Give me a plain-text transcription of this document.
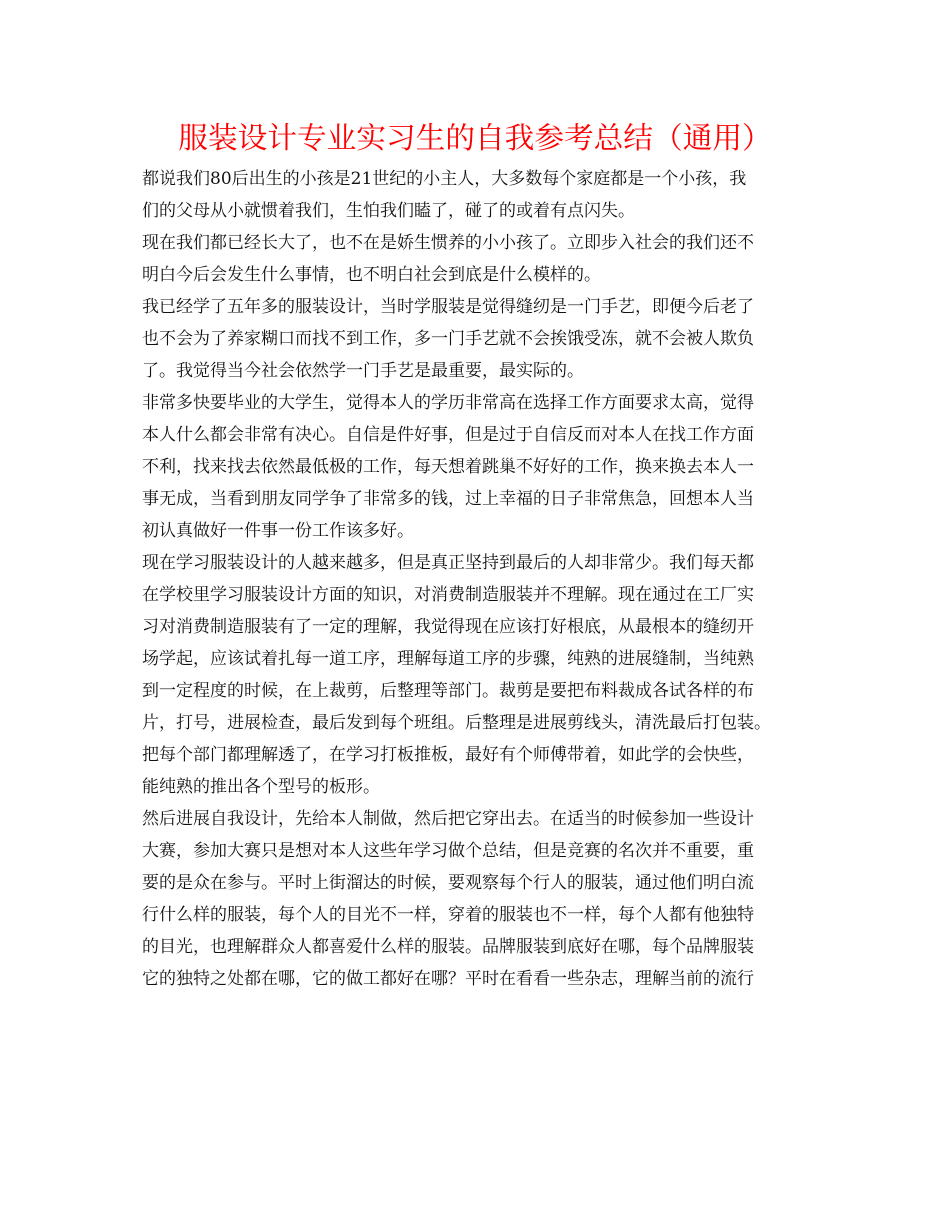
服装设计专业实习生的自我参考总结（通用）
都说我们80后出生的小孩是21世纪的小主人，大多数每个家庭都是一个小孩，我
们的父母从小就惯着我们，生怕我们瞌了，碰了的或着有点闪失。
现在我们都已经长大了，也不在是娇生惯养的小小孩了。立即步入社会的我们还不
明白今后会发生什么事情，也不明白社会到底是什么模样的。
我已经学了五年多的服装设计，当时学服装是觉得缝纫是一门手艺，即便今后老了
也不会为了养家糊口而找不到工作，多一门手艺就不会挨饿受冻，就不会被人欺负
了。我觉得当今社会依然学一门手艺是最重要，最实际的。
非常多快要毕业的大学生，觉得本人的学历非常高在选择工作方面要求太高，觉得
本人什么都会非常有决心。自信是件好事，但是过于自信反而对本人在找工作方面
不利，找来找去依然最低极的工作，每天想着跳巢不好好的工作，换来换去本人一
事无成，当看到朋友同学争了非常多的钱，过上幸福的日子非常焦急，回想本人当
初认真做好一件事一份工作该多好。
现在学习服装设计的人越来越多，但是真正坚持到最后的人却非常少。我们每天都
在学校里学习服装设计方面的知识，对消费制造服装并不理解。现在通过在工厂实
习对消费制造服装有了一定的理解，我觉得现在应该打好根底，从最根本的缝纫开
场学起，应该试着扎每一道工序，理解每道工序的步骤，纯熟的进展缝制，当纯熟
到一定程度的时候，在上裁剪，后整理等部门。裁剪是要把布料裁成各试各样的布
片，打号，进展检查，最后发到每个班组。后整理是进展剪线头，清洗最后打包装。
把每个部门都理解透了，在学习打板推板，最好有个师傅带着，如此学的会快些，
能纯熟的推出各个型号的板形。
然后进展自我设计，先给本人制做，然后把它穿出去。在适当的时候参加一些设计
大赛，参加大赛只是想对本人这些年学习做个总结，但是竞赛的名次并不重要，重
要的是众在参与。平时上街溜达的时候，要观察每个行人的服装，通过他们明白流
行什么样的服装，每个人的目光不一样，穿着的服装也不一样，每个人都有他独特
的目光，也理解群众人都喜爱什么样的服装。品牌服装到底好在哪，每个品牌服装
它的独特之处都在哪，它的做工都好在哪？平时在看看一些杂志，理解当前的流行
